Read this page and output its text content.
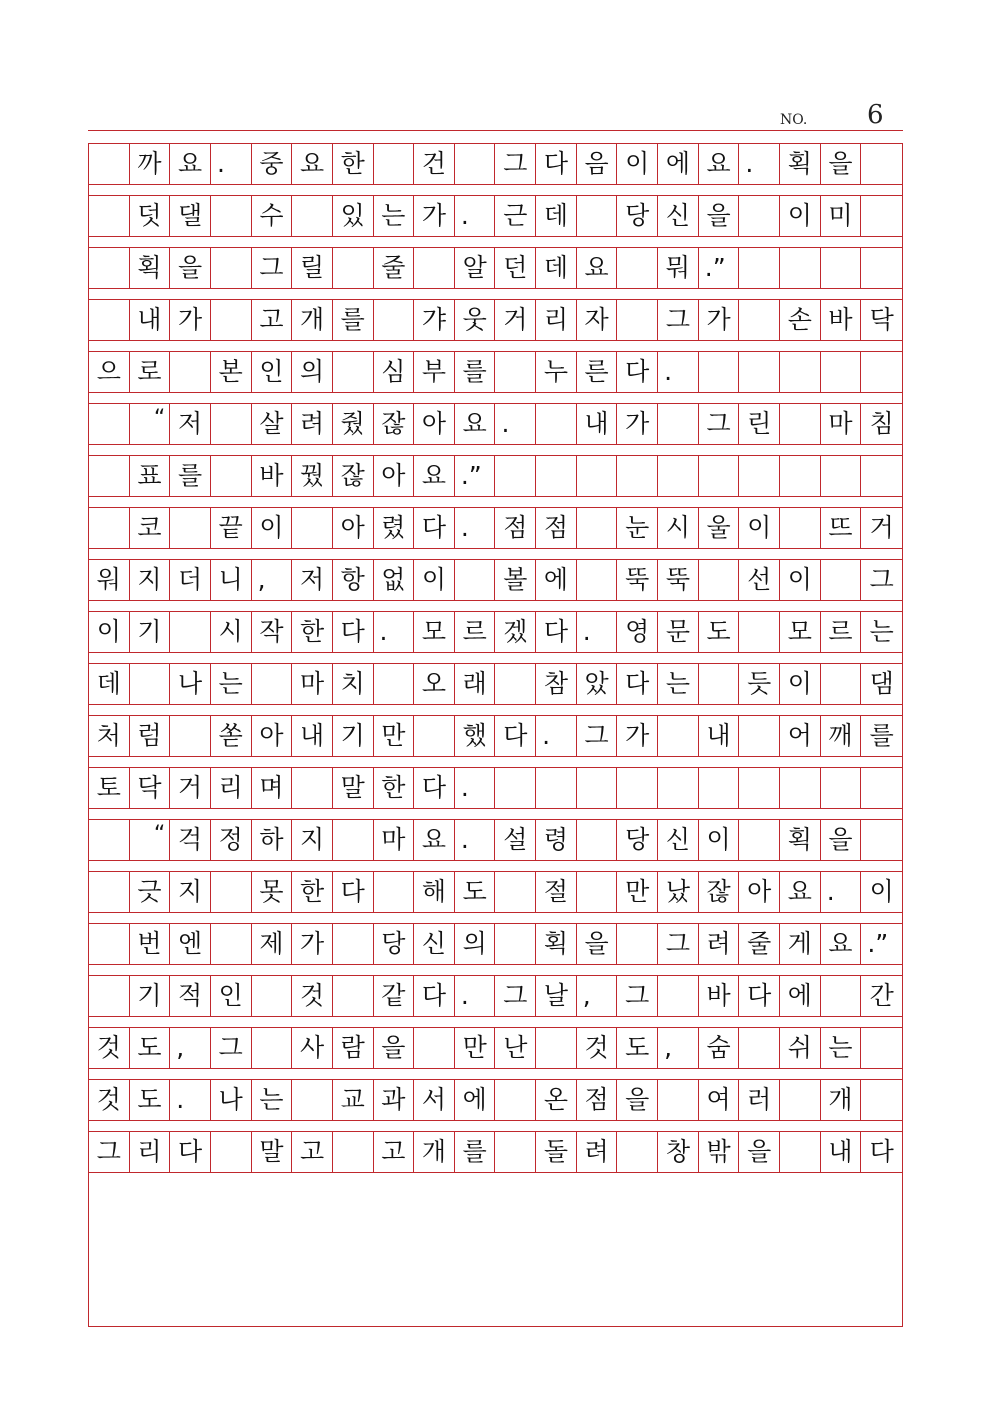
NO. 6
까 요 .	중 요 한	건	그 다 음 이 에 요 .	획 을
덧 댈	수	있 는 가 .	근 데	당 신 을	이 미
획 을	그 릴	줄	알 던 데 요	뭐 .”
내 가	고 개 를	갸 웃 거 리 자	그 가	손 바 닥
으 로	본 인 의	심 부 를	누 른 다 .
“ 저	살 려 줬 잖 아 요 .	내 가	그 린	마 침
표 를	바 꿨 잖 아 요 .”
코	끝 이	아 렸 다 .	점 점	눈 시 울 이	뜨 거
워 지 더 니 ,	저 항 없 이	볼 에	뚝 뚝	선 이	그
이 기	시 작 한 다 .	모 르 겠 다 .	영 문 도	모 르 는
데	나 는	마 치	오 래	참 았 다 는	듯 이	댐
처 럼	쏟 아 내 기 만	했 다 .	그 가	내	어 깨 를
토 닥 거 리 며	말 한 다 .
“ 걱 정 하 지	마 요 .	설 령	당 신 이	획 을
긋 지	못 한 다	해 도	절	만 났 잖 아 요 .	이
번 엔	제 가	당 신 의	획 을	그 려 줄 게 요 .”
기 적 인	것	같 다 .	그 날 ,	그	바 다 에	간
것 도 ,	그	사 람 을	만 난	것 도 ,	숨	쉬 는
것 도 .	나 는	교 과 서 에	온 점 을	여 러	개
그 리 다	말 고	고 개 를	돌 려	창 밖 을	내 다
